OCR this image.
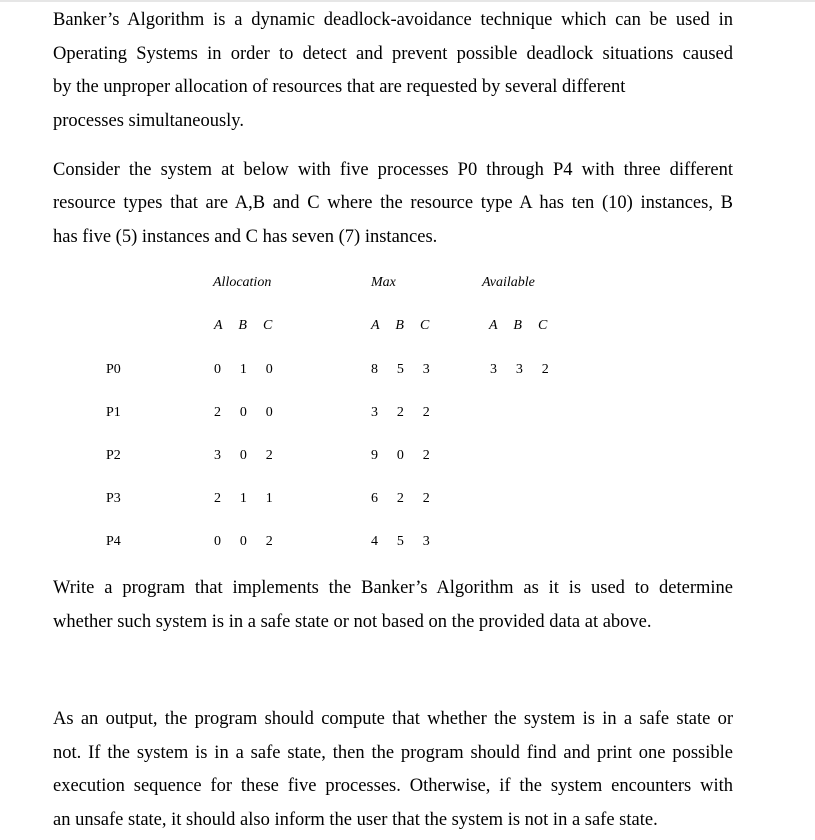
Banker’s Algorithm is a dynamic deadlock-avoidance technique which can be used in
Operating Systems in order to detect and prevent possible deadlock situations caused
by the unproper allocation of resources that are requested by several different
processes simultaneously.
Consider the system at below with five processes P0 through P4 with three different
resource types that are A,B and C where the resource type A has ten (10) instances, B
has five (5) instances and C has seven (7) instances.
Allocation	Max	Available
A B C	A B C	A B C
P0	0 1 0	8 5 3	3 3 2
P1	2 0 0	3 2 2
P2	3 0 2	9 0 2
P3	2 1 1	6 2 2
P4	0 0 2	4 5 3
Write a program that implements the Banker’s Algorithm as it is used to determine
whether such system is in a safe state or not based on the provided data at above.
As an output, the program should compute that whether the system is in a safe state or
not. If the system is in a safe state, then the program should find and print one possible
execution sequence for these five processes. Otherwise, if the system encounters with
an unsafe state, it should also inform the user that the system is not in a safe state.
